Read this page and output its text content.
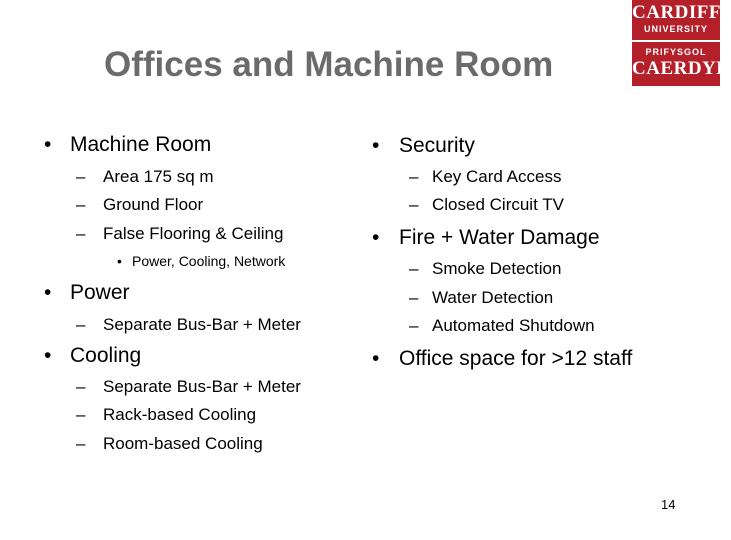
Offices and Machine Room
CARDIFF
UNIVERSITY
PRIFYSGOL
CAERDYD
• Machine Room
– Area 175 sq m
– Ground Floor
– False Flooring & Ceiling
• Power, Cooling, Network
• Power
– Separate Bus-Bar + Meter
• Cooling
– Separate Bus-Bar + Meter
– Rack-based Cooling
– Room-based Cooling
• Security
– Key Card Access
– Closed Circuit TV
• Fire + Water Damage
– Smoke Detection
– Water Detection
– Automated Shutdown
• Office space for >12 staff
14
